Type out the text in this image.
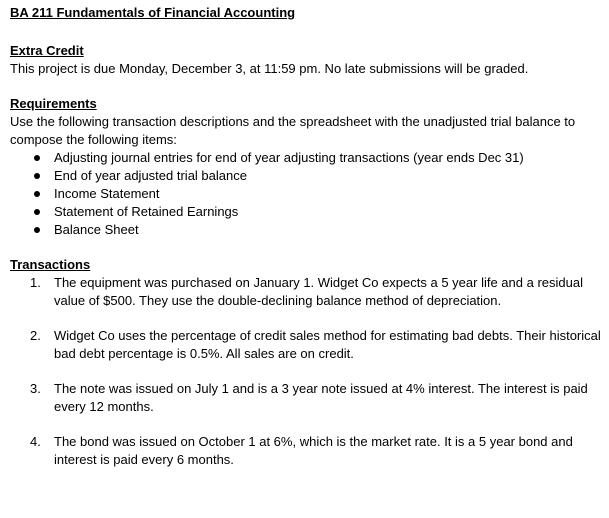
BA 211 Fundamentals of Financial Accounting
Extra Credit

This project is due Monday, December 3, at 11:59 pm. No late submissions will be graded.

Requirements

Use the following transaction descriptions and the spreadsheet with the unadjusted trial balance to compose the following items:

Adjusting journal entries for end of year adjusting transactions (year ends Dec 31)
End of year adjusted trial balance
Income Statement
Statement of Retained Earnings
Balance Sheet
Transactions
1. The equipment was purchased on January 1. Widget Co expects a 5 year life and a residual value of $500. They use the double-declining balance method of depreciation.
2. Widget Co uses the percentage of credit sales method for estimating bad debts. Their historical bad debt percentage is 0.5%. All sales are on credit.
3. The note was issued on July 1 and is a 3 year note issued at 4% interest. The interest is paid every 12 months.
4. The bond was issued on October 1 at 6%, which is the market rate. It is a 5 year bond and interest is paid every 6 months.
